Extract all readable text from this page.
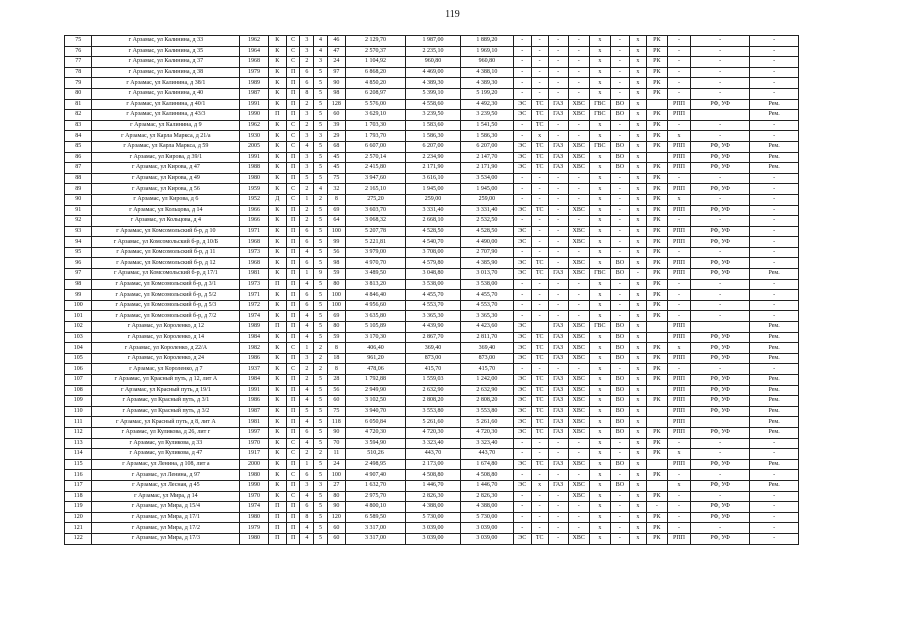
119
75	г Арзамас, ул Калинина, д 33	1962	К	С	3	4	46	2 129,70	1 987,00	1 889,20	-	-	-	-	х	-	х	РК	-	-	-
76	г Арзамас, ул Калинина, д 35	1964	К	С	3	4	47	2 570,37	2 235,10	1 969,10	-	-	-	-	х	-	х	РК	-	-	-
77	г Арзамас, ул Калинина, д 37	1968	К	С	2	3	24	1 104,92	960,80	960,80	-	-	-	-	х	-	х	РК	-	-	-
78	г Арзамас, ул Калинина, д 38	1979	К	П	6	5	97	6 868,20	4 469,00	4 388,10	-	-	-	-	х	-	х	РК	-	-	-
79	г Арзамас, ул Калинина, д 38/1	1989	К	П	6	5	90	4 850,20	4 389,30	4 389,30	-	-	-	-	х	-	х	РК	-	-	-
80	г Арзамас, ул Калинина, д 40	1987	К	П	8	5	98	6 208,97	5 399,10	5 199,20	-	-	-	-	х	-	х	РК	-	-	-
81	г Арзамас, ул Калинина, д 40/1	1991	К	П	2	5	128	5 576,00	4 558,60	4 492,30	ЭС	ТС	ГАЗ	ХВС	ГВС	ВО	х		РПП	РФ, УФ	Рем.
82	г Арзамас, ул Калинина, д 43/3	1990	П	П	3	5	60	3 629,10	3 239,50	3 239,50	ЭС	ТС	ГАЗ	ХВС	ГВС	ВО	х	РК	РПП		Рем.
83	г Арзамас, ул Калинина, д 9	1962	К	С	2	5	39	1 703,30	1 583,60	1 541,50	-	ТС	-	-	х	-	х	РК	-	-	-
84	г Арзамас, ул Карла Маркса, д 21/а	1930	К	С	3	3	29	1 793,70	1 586,30	1 586,30	-	х	-	-	х	-	х	РК	х	-	-
85	г Арзамас, ул Карла Маркса, д 59	2005	К	С	4	5	68	6 607,00	6 207,00	6 207,00	ЭС	ТС	ГАЗ	ХВС	ГВС	ВО	х	РК	РПП	РФ, УФ	Рем.
86	г Арзамас, ул Кирова, д 39/1	1991	К	П	3	5	45	2 570,14	2 234,90	2 147,70	ЭС	ТС	ГАЗ	ХВС	х	ВО	х		РПП	РФ, УФ	Рем.
87	г Арзамас, ул Кирова, д 47	1988	К	П	3	5	45	2 415,80	2 171,90	2 171,90	ЭС	ТС	ГАЗ	ХВС	х	ВО	х	РК	РПП	РФ, УФ	Рем.
88	г Арзамас, ул Кирова, д 49	1980	К	П	5	5	75	3 947,60	3 616,10	3 534,00	-	-	-	-	х	-	х	РК	-	-	-
89	г Арзамас, ул Кирова, д 56	1959	К	С	2	4	32	2 165,10	1 945,00	1 945,00	-	-	-	-	х	-	х	РК	РПП	РФ, УФ	-
90	г Арзамас, ул Кирова, д 6	1952	Д	С	1	2	8	275,20	259,00	259,00	-	-	-	-	х	-	х	РК	х	-	-
91	г Арзамас, ул Кольцова, д 14	1966	К	П	2	5	69	3 603,70	3 331,40	3 331,40	ЭС	ТС	-	ХВС	х	-	х	РК	РПП	РФ, УФ	-
92	г Арзамас, ул Кольцова, д 4	1966	К	П	2	5	64	3 068,32	2 668,10	2 532,50	-	-	-	-	х	-	х	РК	-	-	-
93	г Арзамас, ул Комсомольский б-р, д 10	1971	К	П	6	5	100	5 207,78	4 528,50	4 528,50	ЭС	-	-	ХВС	х	-	х	РК	РПП	РФ, УФ	-
94	г Арзамас, ул Комсомольский б-р, д 10/Б	1968	К	П	6	5	99	5 221,81	4 540,70	4 490,00	ЭС	-	-	ХВС	х	-	х	РК	РПП	РФ, УФ	-
95	г Арзамас, ул Комсомольский б-р, д 11	1973	К	П	4	5	56	3 979,00	3 708,00	2 707,90	-	-	-	-	х	-	х	РК	-	-	-
96	г Арзамас, ул Комсомольский б-р, д 12	1968	К	П	6	5	98	4 970,70	4 579,80	4 385,90	ЭС	ТС	-	ХВС	х	ВО	х	РК	РПП	РФ, УФ	-
97	г Арзамас, ул Комсомольский б-р, д 17/1	1981	К	П	1	9	59	3 489,50	3 048,80	3 013,70	ЭС	ТС	ГАЗ	ХВС	ГВС	ВО	-	РК	РПП	РФ, УФ	Рем.
98	г Арзамас, ул Комсомольский б-р, д 3/1	1973	П	П	4	5	80	3 813,20	3 538,00	3 538,00	-	-	-	-	х	-	х	РК	-	-	-
99	г Арзамас, ул Комсомольский б-р, д 5/2	1971	К	П	6	5	100	4 846,40	4 455,70	4 455,70	-	-	-	-	х	-	х	РК	-	-	-
100	г Арзамас, ул Комсомольский б-р, д 5/3	1972	К	П	6	5	100	4 956,60	4 553,70	4 553,70	-	-	-	-	х	-	х	РК	-	-	-
101	г Арзамас, ул Комсомольский б-р, д 7/2	1974	К	П	4	5	69	3 635,80	3 365,30	3 365,30	-	-	-	-	х	-	х	РК	-	-	-
102	г Арзамас, ул Короленко, д 12	1989	П	П	4	5	80	5 105,89	4 439,90	4 423,60	ЭС		ГАЗ	ХВС	ГВС	ВО	х		РПП		Рем.
103	г Арзамас, ул Короленко, д 14	1984	К	П	4	5	59	3 170,30	2 867,70	2 811,70	ЭС	ТС	ГАЗ	ХВС	х	ВО	х		РПП	РФ, УФ	Рем.
104	г Арзамас, ул Короленко, д 22/А	1982	К	С	1	2	8	406,40	369,40	369,40	ЭС	ТС	ГАЗ	ХВС	х	ВО	х	РК	х	РФ, УФ	Рем.
105	г Арзамас, ул Короленко, д 24	1986	К	П	3	2	18	961,20	873,00	873,00	ЭС	ТС	ГАЗ	ХВС	х	ВО	х	РК	РПП	РФ, УФ	Рем.
106	г Арзамас, ул Короленко, д 7	1937	К	С	2	2	8	478,06	415,70	415,70	-	-	-	-	х	-	х	РК	-	-	-
107	г Арзамас, ул Красный путь, д 12, лит А	1984	К	П	2	5	28	1 792,88	1 559,03	1 242,00	ЭС	ТС	ГАЗ	ХВС	х	ВО	х	РК	РПП	РФ, УФ	Рем.
108	г Арзамас, ул Красный путь, д 19/1	1991	К	П	4	5	56	2 949,90	2 632,90	2 632,90	ЭС	ТС	ГАЗ	ХВС	х	ВО	х		РПП	РФ, УФ	Рем.
109	г Арзамас, ул Красный путь, д 3/1	1986	К	П	4	5	60	3 102,50	2 808,20	2 808,20	ЭС	ТС	ГАЗ	ХВС	х	ВО	х	РК	РПП	РФ, УФ	Рем.
110	г Арзамас, ул Красный путь, д 3/2	1987	К	П	5	5	75	3 940,70	3 553,80	3 553,80	ЭС	ТС	ГАЗ	ХВС	х	ВО	х		РПП	РФ, УФ	Рем.
111	г Арзамас, ул Красный путь, д 8, лит А	1981	К	П	4	5	118	6 050,84	5 261,60	5 261,60	ЭС	ТС	ГАЗ	ХВС	х	ВО	х		РПП		Рем.
112	г Арзамас, ул Куликова, д 26, лит г	1997	К	П	6	5	90	4 720,30	4 720,30	4 720,30	ЭС	ТС	ГАЗ	ХВС	х	ВО	х	РК	РПП	РФ, УФ	Рем.
113	г Арзамас, ул Куликова, д 33	1970	К	С	4	5	70	3 594,90	3 323,40	3 323,40	-	-	-	-	х	-	х	РК	-	-	-
114	г Арзамас, ул Куликова, д 47	1917	К	С	2	2	11	510,26	443,70	443,70	-	-	-	-	х	-	х	РК	х	-	-
115	г Арзамас, ул Ленина, д 108, лит а	2000	К	П	1	5	24	2 498,95	2 173,00	1 674,80	ЭС	ТС	ГАЗ	ХВС	х	ВО	х		РПП	РФ, УФ	Рем.
116	г Арзамас, ул Ленина, д 97	1980	К	С	6	5	100	4 907,40	4 508,80	4 508,80	-	-	-	-	х	-	х	РК	-	-	-
117	г Арзамас, ул Лесная, д 45	1990	К	П	3	3	27	1 632,70	1 446,70	1 446,70	ЭС	х	ГАЗ	ХВС	х	ВО	х		х	РФ, УФ	Рем.
118	г Арзамас, ул Мира, д 14	1970	К	С	4	5	80	2 975,70	2 826,30	2 826,30	-	-	-	ХВС	х	-	х	РК	-	-	-
119	г Арзамас, ул Мира, д 15/4	1974	П	П	6	5	90	4 800,10	4 388,00	4 388,00	-	-	-	-	х	-	х	-	-	РФ, УФ	-
120	г Арзамас, ул Мира, д 17/1	1980	П	П	8	5	120	6 589,50	5 730,00	5 730,00	-	-	-	-	х	-	х	РК	-	РФ, УФ	-
121	г Арзамас, ул Мира, д 17/2	1979	П	П	4	5	60	3 317,00	3 039,00	3 039,00	-	-	-	-	х	-	х	РК	-	-	-
122	г Арзамас, ул Мира, д 17/3	1980	П	П	4	5	60	3 317,00	3 039,00	3 039,00	ЭС	ТС	-	ХВС	х	-	х	РК	РПП	РФ, УФ	-
